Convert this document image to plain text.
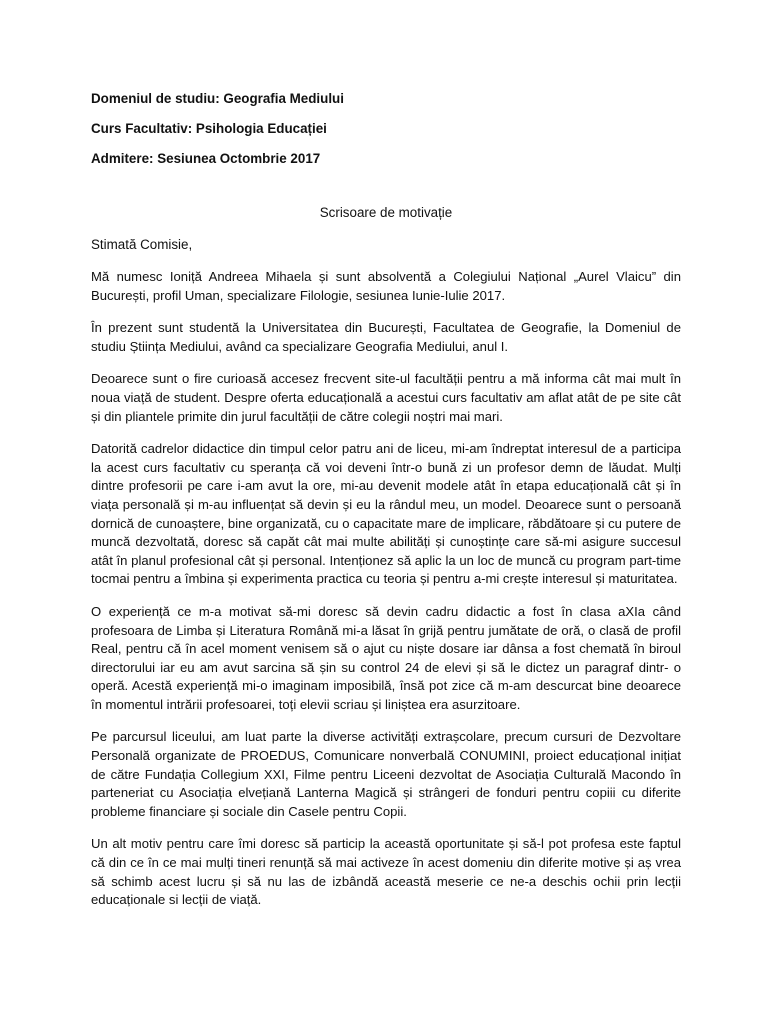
Domeniul de studiu: Geografia Mediului

Curs Facultativ: Psihologia Educației

Admitere: Sesiunea Octombrie 2017

Scrisoare de motivație

Stimată Comisie,

Mă numesc Ioniță Andreea Mihaela și sunt absolventă a Colegiului Național „Aurel Vlaicu” din București, profil Uman, specializare Filologie, sesiunea Iunie-Iulie 2017.

În prezent sunt studentă la Universitatea din București, Facultatea de Geografie, la Domeniul de studiu Știința Mediului, având ca specializare Geografia Mediului, anul I.

Deoarece sunt o fire curioasă accesez frecvent site-ul facultății pentru a mă informa cât mai mult în noua viață de student. Despre oferta educațională a acestui curs facultativ am aflat atât de pe site cât și din pliantele primite din jurul facultății de către colegii noștri mai mari.

Datorită cadrelor didactice din timpul celor patru ani de liceu, mi-am îndreptat interesul de a participa la acest curs facultativ cu speranța că voi deveni într-o bună zi un profesor demn de lăudat. Mulți dintre profesorii pe care i-am avut la ore, mi-au devenit modele atât în etapa educațională cât și în viața personală și m-au influențat să devin și eu la rândul meu, un model. Deoarece sunt o persoană dornică de cunoaștere, bine organizată, cu o capacitate mare de implicare, răbdătoare și cu putere de muncă dezvoltată, doresc să capăt cât mai multe abilități și cunoștințe care să-mi asigure succesul atât în planul profesional cât și personal. Intenționez să aplic la un loc de muncă cu program part-time tocmai pentru a îmbina și experimenta practica cu teoria și pentru a-mi crește interesul și maturitatea.

O experiență ce m-a motivat să-mi doresc să devin cadru didactic a fost în clasa aXIa când profesoara de Limba și Literatura Română mi-a lăsat în grijă pentru jumătate de oră, o clasă de profil Real, pentru că în acel moment venisem să o ajut cu niște dosare iar dânsa a fost chemată în biroul directorului iar eu am avut sarcina să șin su control 24 de elevi și să le dictez un paragraf dintr- o operă. Acestă experiență mi-o imaginam imposibilă, însă pot zice că m-am descurcat bine deoarece în momentul intrării profesoarei, toți elevii scriau și liniștea era asurzitoare.

Pe parcursul liceului, am luat parte la diverse activități extrașcolare, precum cursuri de Dezvoltare Personală organizate de PROEDUS, Comunicare nonverbală CONUMINI, proiect educațional inițiat de către Fundația Collegium XXI, Filme pentru Liceeni dezvoltat de Asociația Culturală Macondo în parteneriat cu Asociația elvețiană Lanterna Magică și strângeri de fonduri pentru copiii cu diferite probleme financiare și sociale din Casele pentru Copii.

Un alt motiv pentru care îmi doresc să particip la această oportunitate și să-l pot profesa este faptul că din ce în ce mai mulți tineri renunță să mai activeze în acest domeniu din diferite motive și aș vrea să schimb acest lucru și să nu las de izbândă această meserie ce ne-a deschis ochii prin lecții educaționale si lecții de viață.
